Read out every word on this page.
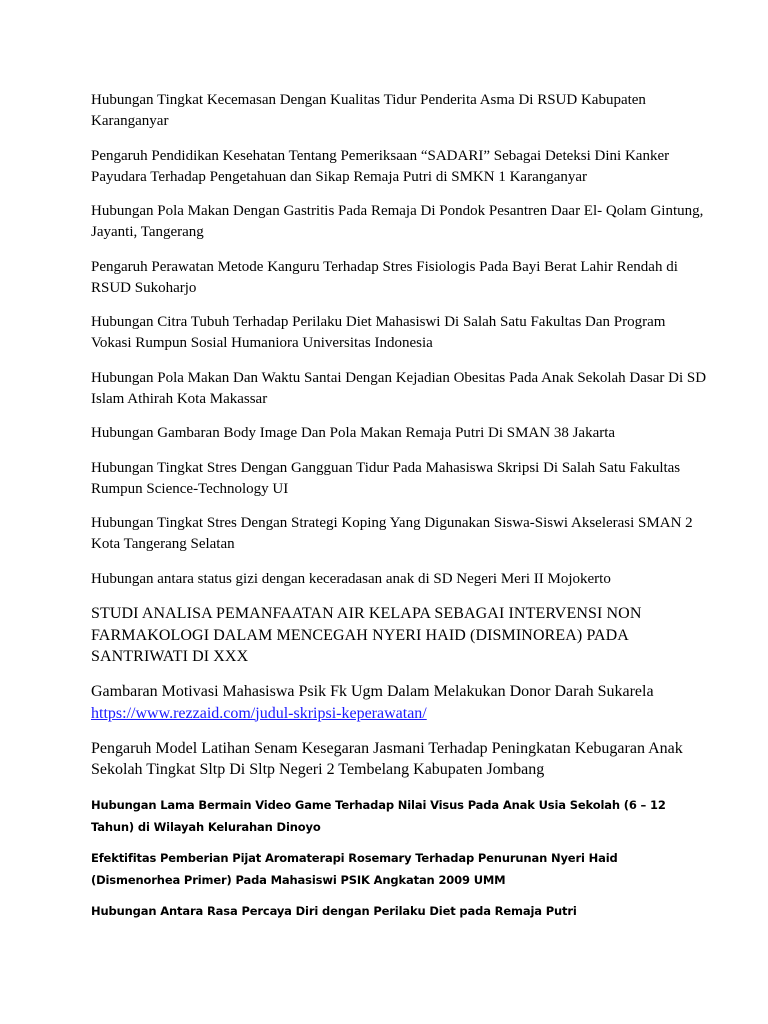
Hubungan Tingkat Kecemasan Dengan Kualitas Tidur Penderita Asma Di RSUD Kabupaten Karanganyar

Pengaruh Pendidikan Kesehatan Tentang Pemeriksaan “SADARI” Sebagai Deteksi Dini Kanker Payudara Terhadap Pengetahuan dan Sikap Remaja Putri di SMKN 1 Karanganyar

Hubungan Pola Makan Dengan Gastritis Pada Remaja Di Pondok Pesantren Daar El- Qolam Gintung, Jayanti, Tangerang

Pengaruh Perawatan Metode Kanguru Terhadap Stres Fisiologis Pada Bayi Berat Lahir Rendah di RSUD Sukoharjo

Hubungan Citra Tubuh Terhadap Perilaku Diet Mahasiswi Di Salah Satu Fakultas Dan Program Vokasi Rumpun Sosial Humaniora Universitas Indonesia

Hubungan Pola Makan Dan Waktu Santai Dengan Kejadian Obesitas Pada Anak Sekolah Dasar Di SD Islam Athirah Kota Makassar

Hubungan Gambaran Body Image Dan Pola Makan Remaja Putri Di SMAN 38 Jakarta

Hubungan Tingkat Stres Dengan Gangguan Tidur Pada Mahasiswa Skripsi Di Salah Satu Fakultas Rumpun Science-Technology UI

Hubungan Tingkat Stres Dengan Strategi Koping Yang Digunakan Siswa-Siswi Akselerasi SMAN 2 Kota Tangerang Selatan

Hubungan antara status gizi dengan keceradasan anak di SD Negeri Meri II Mojokerto

STUDI ANALISA PEMANFAATAN AIR KELAPA SEBAGAI INTERVENSI NON FARMAKOLOGI DALAM MENCEGAH NYERI HAID (DISMINOREA) PADA SANTRIWATI DI XXX

Gambaran Motivasi Mahasiswa Psik Fk Ugm Dalam Melakukan Donor Darah Sukarela
https://www.rezzaid.com/judul-skripsi-keperawatan/

Pengaruh Model Latihan Senam Kesegaran Jasmani Terhadap Peningkatan Kebugaran Anak Sekolah Tingkat Sltp Di Sltp Negeri 2 Tembelang Kabupaten Jombang

Hubungan Lama Bermain Video Game Terhadap Nilai Visus Pada Anak Usia Sekolah (6 – 12 Tahun) di Wilayah Kelurahan Dinoyo

Efektifitas Pemberian Pijat Aromaterapi Rosemary Terhadap Penurunan Nyeri Haid (Dismenorhea Primer) Pada Mahasiswi PSIK Angkatan 2009 UMM

Hubungan Antara Rasa Percaya Diri dengan Perilaku Diet pada Remaja Putri
